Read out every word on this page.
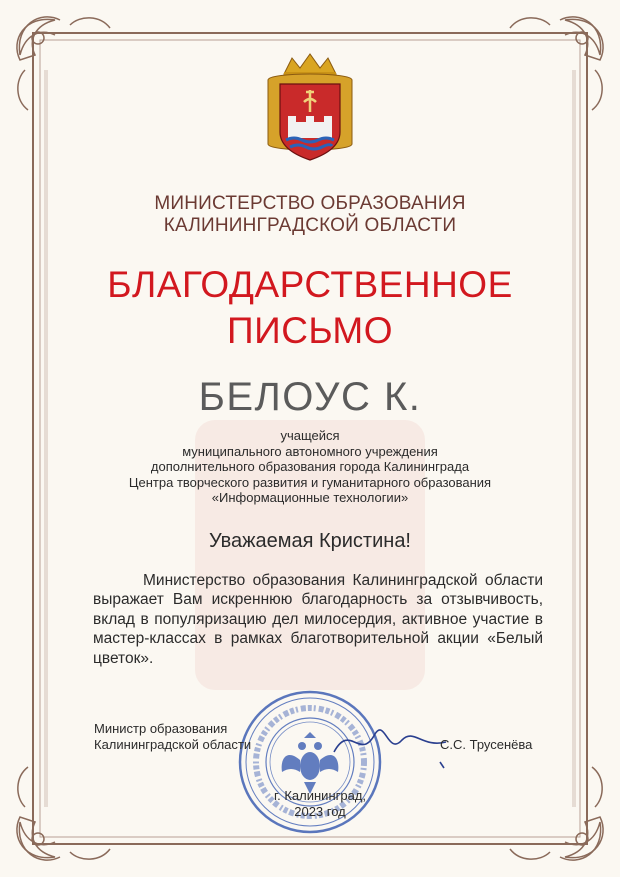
МИНИСТЕРСТВО ОБРАЗОВАНИЯ
КАЛИНИНГРАДСКОЙ ОБЛАСТИ
БЛАГОДАРСТВЕННОЕ
ПИСЬМО
БЕЛОУС К.
учащейся
муниципального автономного учреждения
дополнительного образования города Калининграда
Центра творческого развития и гуманитарного образования
«Информационные технологии»
Уважаемая Кристина!
Министерство образования Калининградской области выражает Вам искреннюю благодарность за отзывчивость, вклад в популяризацию дел милосердия, активное участие в мастер-классах в рамках благотворительной акции «Белый цветок».
Министр образования
Калининградской области	С.С. Трусенёва
г. Калининград,
2023 год
